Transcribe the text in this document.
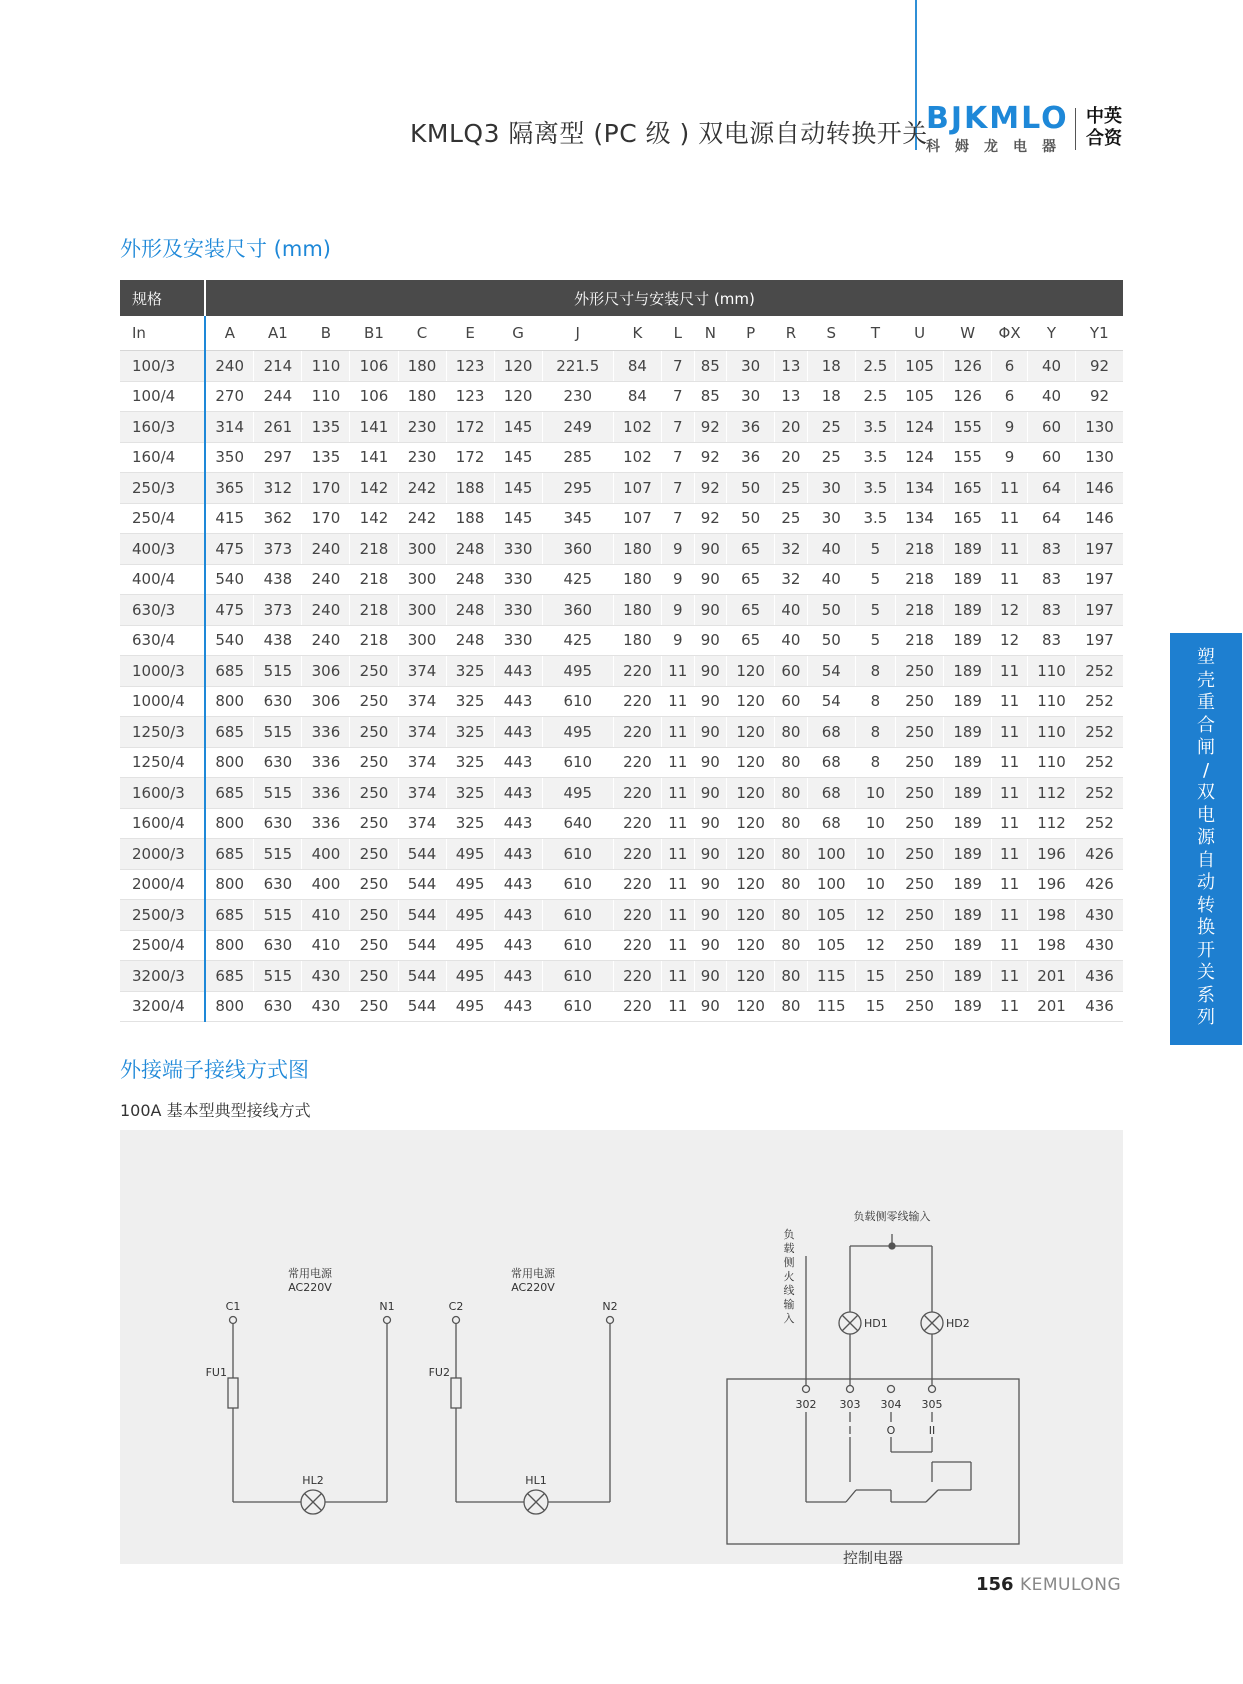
KMLQ3 隔离型 (PC 级 ) 双电源自动转换开关
BJKMLO
科姆龙电器
中英
合资
外形及安装尺寸 (mm)
规格	外形尺寸与安装尺寸 (mm)																			
In	A	A1	B	B1	C	E	G	J	K	L	N	P	R	S	T	U	W	ΦX	Y	Y1
100/3	240	214	110	106	180	123	120	221.5	84	7	85	30	13	18	2.5	105	126	6	40	92
100/4	270	244	110	106	180	123	120	230	84	7	85	30	13	18	2.5	105	126	6	40	92
160/3	314	261	135	141	230	172	145	249	102	7	92	36	20	25	3.5	124	155	9	60	130
160/4	350	297	135	141	230	172	145	285	102	7	92	36	20	25	3.5	124	155	9	60	130
250/3	365	312	170	142	242	188	145	295	107	7	92	50	25	30	3.5	134	165	11	64	146
250/4	415	362	170	142	242	188	145	345	107	7	92	50	25	30	3.5	134	165	11	64	146
400/3	475	373	240	218	300	248	330	360	180	9	90	65	32	40	5	218	189	11	83	197
400/4	540	438	240	218	300	248	330	425	180	9	90	65	32	40	5	218	189	11	83	197
630/3	475	373	240	218	300	248	330	360	180	9	90	65	40	50	5	218	189	12	83	197
630/4	540	438	240	218	300	248	330	425	180	9	90	65	40	50	5	218	189	12	83	197
1000/3	685	515	306	250	374	325	443	495	220	11	90	120	60	54	8	250	189	11	110	252
1000/4	800	630	306	250	374	325	443	610	220	11	90	120	60	54	8	250	189	11	110	252
1250/3	685	515	336	250	374	325	443	495	220	11	90	120	80	68	8	250	189	11	110	252
1250/4	800	630	336	250	374	325	443	610	220	11	90	120	80	68	8	250	189	11	110	252
1600/3	685	515	336	250	374	325	443	495	220	11	90	120	80	68	10	250	189	11	112	252
1600/4	800	630	336	250	374	325	443	640	220	11	90	120	80	68	10	250	189	11	112	252
2000/3	685	515	400	250	544	495	443	610	220	11	90	120	80	100	10	250	189	11	196	426
2000/4	800	630	400	250	544	495	443	610	220	11	90	120	80	100	10	250	189	11	196	426
2500/3	685	515	410	250	544	495	443	610	220	11	90	120	80	105	12	250	189	11	198	430
2500/4	800	630	410	250	544	495	443	610	220	11	90	120	80	105	12	250	189	11	198	430
3200/3	685	515	430	250	544	495	443	610	220	11	90	120	80	115	15	250	189	11	201	436
3200/4	800	630	430	250	544	495	443	610	220	11	90	120	80	115	15	250	189	11	201	436
塑
壳
重
合
闸
/
双
电
源
自
动
转
换
开
关
系
列
外接端子接线方式图
100A 基本型典型接线方式
常用电源
AC220V
C1	N1
FU1
HL2
常用电源
AC220V
C2	N2
FU2
HL1
负载侧零线输入
负载侧火线输入	HD1	HD2
302 303 304 305
I	O	II
控制电器
156 KEMULONG
